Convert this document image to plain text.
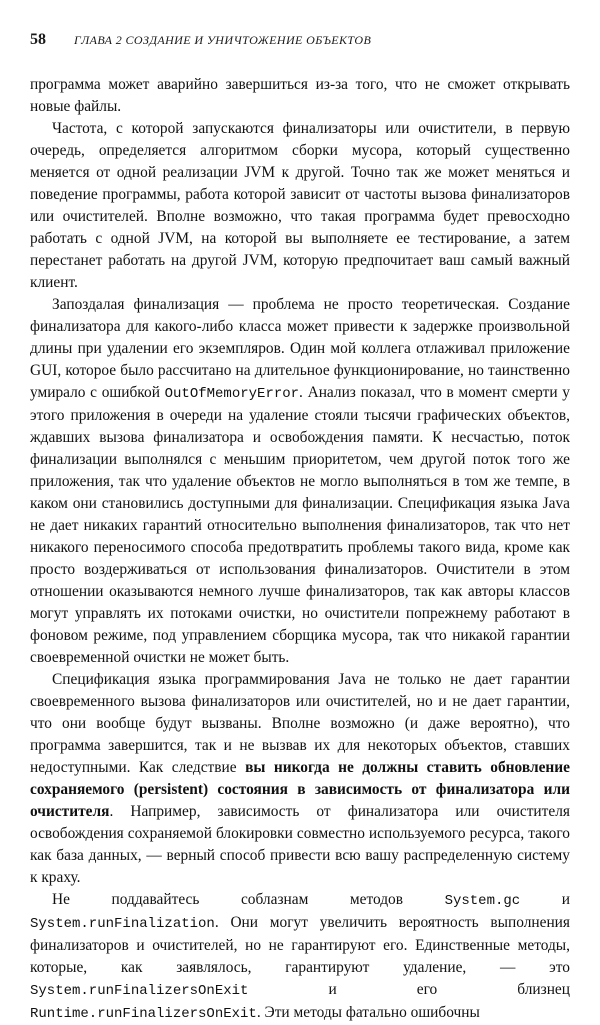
58 ГЛАВА 2 СОЗДАНИЕ И УНИЧТОЖЕНИЕ ОБЪЕКТОВ

программа может аварийно завершиться из-за того, что не сможет открывать новые файлы.

Частота, с которой запускаются финализаторы или очистители, в первую очередь, определяется алгоритмом сборки мусора, который существенно меняется от одной реализации JVM к другой. Точно так же может меняться и поведение программы, работа которой зависит от частоты вызова финализаторов или очистителей. Вполне возможно, что такая программа будет превосходно работать с одной JVM, на которой вы выполняете ее тестирование, а затем перестанет работать на другой JVM, которую предпочитает ваш самый важный клиент.

Запоздалая финализация — проблема не просто теоретическая. Создание финализатора для какого-либо класса может привести к задержке произвольной длины при удалении его экземпляров. Один мой коллега отлаживал приложение GUI, которое было рассчитано на длительное функционирование, но таинственно умирало с ошибкой OutOfMemoryError. Анализ показал, что в момент смерти у этого приложения в очереди на удаление стояли тысячи графических объектов, ждавших вызова финализатора и освобождения памяти. К несчастью, поток финализации выполнялся с меньшим приоритетом, чем другой поток того же приложения, так что удаление объектов не могло выполняться в том же темпе, в каком они становились доступными для финализации. Спецификация языка Java не дает никаких гарантий относительно выполнения финализаторов, так что нет никакого переносимого способа предотвратить проблемы такого вида, кроме как просто воздерживаться от использования финализаторов. Очистители в этом отношении оказываются немного лучше финализаторов, так как авторы классов могут управлять их потоками очистки, но очистители попрежнему работают в фоновом режиме, под управлением сборщика мусора, так что никакой гарантии своевременной очистки не может быть.

Спецификация языка программирования Java не только не дает гарантии своевременного вызова финализаторов или очистителей, но и не дает гарантии, что они вообще будут вызваны. Вполне возможно (и даже вероятно), что программа завершится, так и не вызвав их для некоторых объектов, ставших недоступными. Как следствие вы никогда не должны ставить обновление сохраняемого (persistent) состояния в зависимость от финализатора или очистителя. Например, зависимость от финализатора или очистителя освобождения сохраняемой блокировки совместно используемого ресурса, такого как база данных, — верный способ привести всю вашу распределенную систему к краху.

Не поддавайтесь соблазнам методов System.gc и System.runFinalization. Они могут увеличить вероятность выполнения финализаторов и очистителей, но не гарантируют его. Единственные методы, которые, как заявлялось, гарантируют удаление, — это System.runFinalizersOnExit и его близнец Runtime.runFinalizersOnExit. Эти методы фатально ошибочны
